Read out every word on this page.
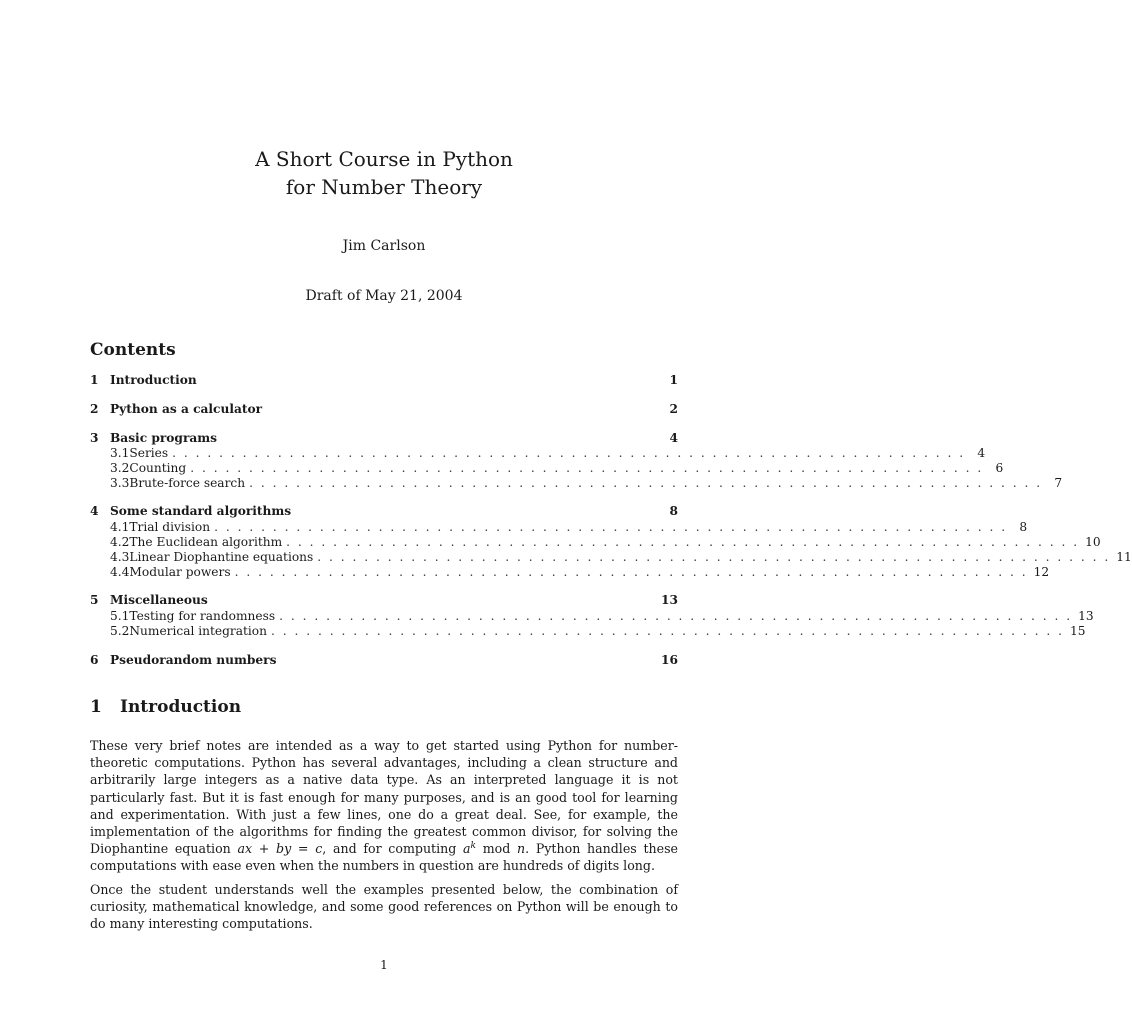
A Short Course in Python
for Number Theory
Jim Carlson
Draft of May 21, 2004
Contents
1 Introduction	1
2 Python as a calculator	2
3 Basic programs	4
3.1 Series . . . . . . . . . . . . . . . . . . . . . . . . . . . . . . . . . . . . . . . . . . . . . . . . . . . . . . . . . . . . . . . . . . . .	4
3.2 Counting . . . . . . . . . . . . . . . . . . . . . . . . . . . . . . . . . . . . . . . . . . . . . . . . . . . . . . . . . . . . . . . . . . . .	6
3.3 Brute-force search . . . . . . . . . . . . . . . . . . . . . . . . . . . . . . . . . . . . . . . . . . . . . . . . . . . . . . . . . . . . . . . . . . . .	7
4 Some standard algorithms	8
4.1 Trial division . . . . . . . . . . . . . . . . . . . . . . . . . . . . . . . . . . . . . . . . . . . . . . . . . . . . . . . . . . . . . . . . . . . .	8
4.2 The Euclidean algorithm . . . . . . . . . . . . . . . . . . . . . . . . . . . . . . . . . . . . . . . . . . . . . . . . . . . . . . . . . . . . . . . . . . . . 10
4.3 Linear Diophantine equations . . . . . . . . . . . . . . . . . . . . . . . . . . . . . . . . . . . . . . . . . . . . . . . . . . . . . . . . . . . . . . . . . . . . 11
4.4 Modular powers . . . . . . . . . . . . . . . . . . . . . . . . . . . . . . . . . . . . . . . . . . . . . . . . . . . . . . . . . . . . . . . . . . . . 12
5 Miscellaneous	13
5.1 Testing for randomness . . . . . . . . . . . . . . . . . . . . . . . . . . . . . . . . . . . . . . . . . . . . . . . . . . . . . . . . . . . . . . . . . . . . 13
5.2 Numerical integration . . . . . . . . . . . . . . . . . . . . . . . . . . . . . . . . . . . . . . . . . . . . . . . . . . . . . . . . . . . . . . . . . . . . 15
6 Pseudorandom numbers	16
1 Introduction
These very brief notes are intended as a way to get started using Python for number-theoretic computations. Python has several advantages, including a clean structure and arbitrarily large integers as a native data type. As an interpreted language it is not particularly fast. But it is fast enough for many purposes, and is an good tool for learning and experimentation. With just a few lines, one do a great deal. See, for example, the implementation of the algorithms for finding the greatest common divisor, for solving the Diophantine equation ax + by = c, and for computing $a^k$ mod n. Python handles these computations with ease even when the numbers in question are hundreds of digits long.
Once the student understands well the examples presented below, the combination of curiosity, mathematical knowledge, and some good references on Python will be enough to do many interesting computations.
1
